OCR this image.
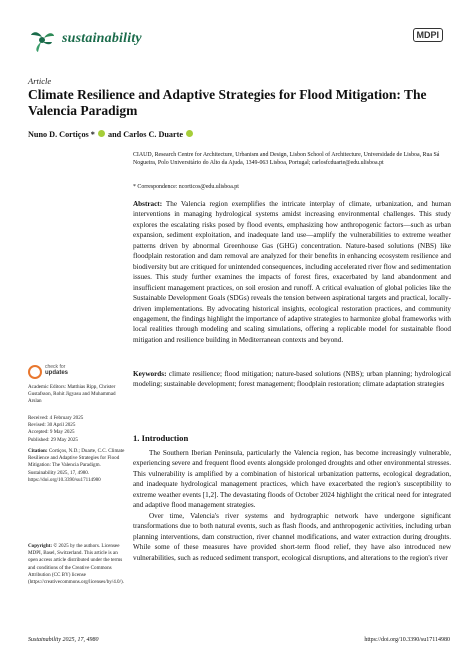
sustainability	MDPI
Article
Climate Resilience and Adaptive Strategies for Flood Mitigation: The Valencia Paradigm
Nuno D. Cortiços *  and Carlos C. Duarte
CIAUD, Research Centre for Architecture, Urbanism and Design, Lisbon School of Architecture, Universidade de Lisboa, Rua Sá Nogueira, Polo Universitário do Alto da Ajuda, 1349-063 Lisboa, Portugal; carlosfcduarte@edu.ulisboa.pt
* Correspondence: ncorticos@edu.ulisboa.pt

Abstract: The Valencia region exemplifies the intricate interplay of climate, urbanization, and human interventions in managing hydrological systems amidst increasing environmental challenges. This study explores the escalating risks posed by flood events, emphasizing how anthropogenic factors—such as urban expansion, sediment exploitation, and inadequate land use—amplify the vulnerabilities to extreme weather patterns driven by abnormal Greenhouse Gas (GHG) concentration. Nature-based solutions (NBS) like floodplain restoration and dam removal are analyzed for their benefits in enhancing ecosystem resilience and biodiversity but are critiqued for unintended consequences, including accelerated river flow and sedimentation issues. This study further examines the impacts of forest fires, exacerbated by land abandonment and insufficient management practices, on soil erosion and runoff. A critical evaluation of global policies like the Sustainable Development Goals (SDGs) reveals the tension between aspirational targets and practical, locally-driven implementations. By advocating historical insights, ecological restoration practices, and community engagement, the findings highlight the importance of adaptive strategies to harmonize global frameworks with local realities through modeling and scaling simulations, offering a replicable model for sustainable flood mitigation and resilience building in Mediterranean contexts and beyond.

Keywords: climate resilience; flood mitigation; nature-based solutions (NBS); urban planning; hydrological modeling; sustainable development; forest management; floodplain restoration; climate adaptation strategies

check for
updates

Academic Editors: Matthias Ripp, Christer Gustafsson, Rohit Jigyasu and Muhammad Arslan

Received: 4 February 2025
Revised: 30 April 2025
Accepted: 9 May 2025
Published: 29 May 2025

Citation: Cortiços, N.D.; Duarte, C.C. Climate Resilience and Adaptive Strategies for Flood Mitigation: The Valencia Paradigm. Sustainability 2025, 17, 4980. https://doi.org/10.3390/su17114980

Copyright: © 2025 by the authors. Licensee MDPI, Basel, Switzerland. This article is an open access article distributed under the terms and conditions of the Creative Commons Attribution (CC BY) license (https://creativecommons.org/licenses/by/4.0/).

1. Introduction

The Southern Iberian Peninsula, particularly the Valencia region, has become increasingly vulnerable, experiencing severe and frequent flood events alongside prolonged droughts and other environmental stresses. This vulnerability is amplified by a combination of historical urbanization patterns, ecological degradation, and inadequate hydrological management practices, which have exacerbated the region's susceptibility to extreme weather events [1,2]. The devastating floods of October 2024 highlight the critical need for integrated and adaptive flood management strategies.

Over time, Valencia's river systems and hydrographic network have undergone significant transformations due to both natural events, such as flash floods, and anthropogenic activities, including urban planning interventions, dam construction, river channel modifications, and water extraction during droughts. While some of these measures have provided short-term flood relief, they have also introduced new vulnerabilities, such as reduced sediment transport, ecological disruptions, and alterations to the region's river

Sustainability 2025, 17, 4980	https://doi.org/10.3390/su17114980
